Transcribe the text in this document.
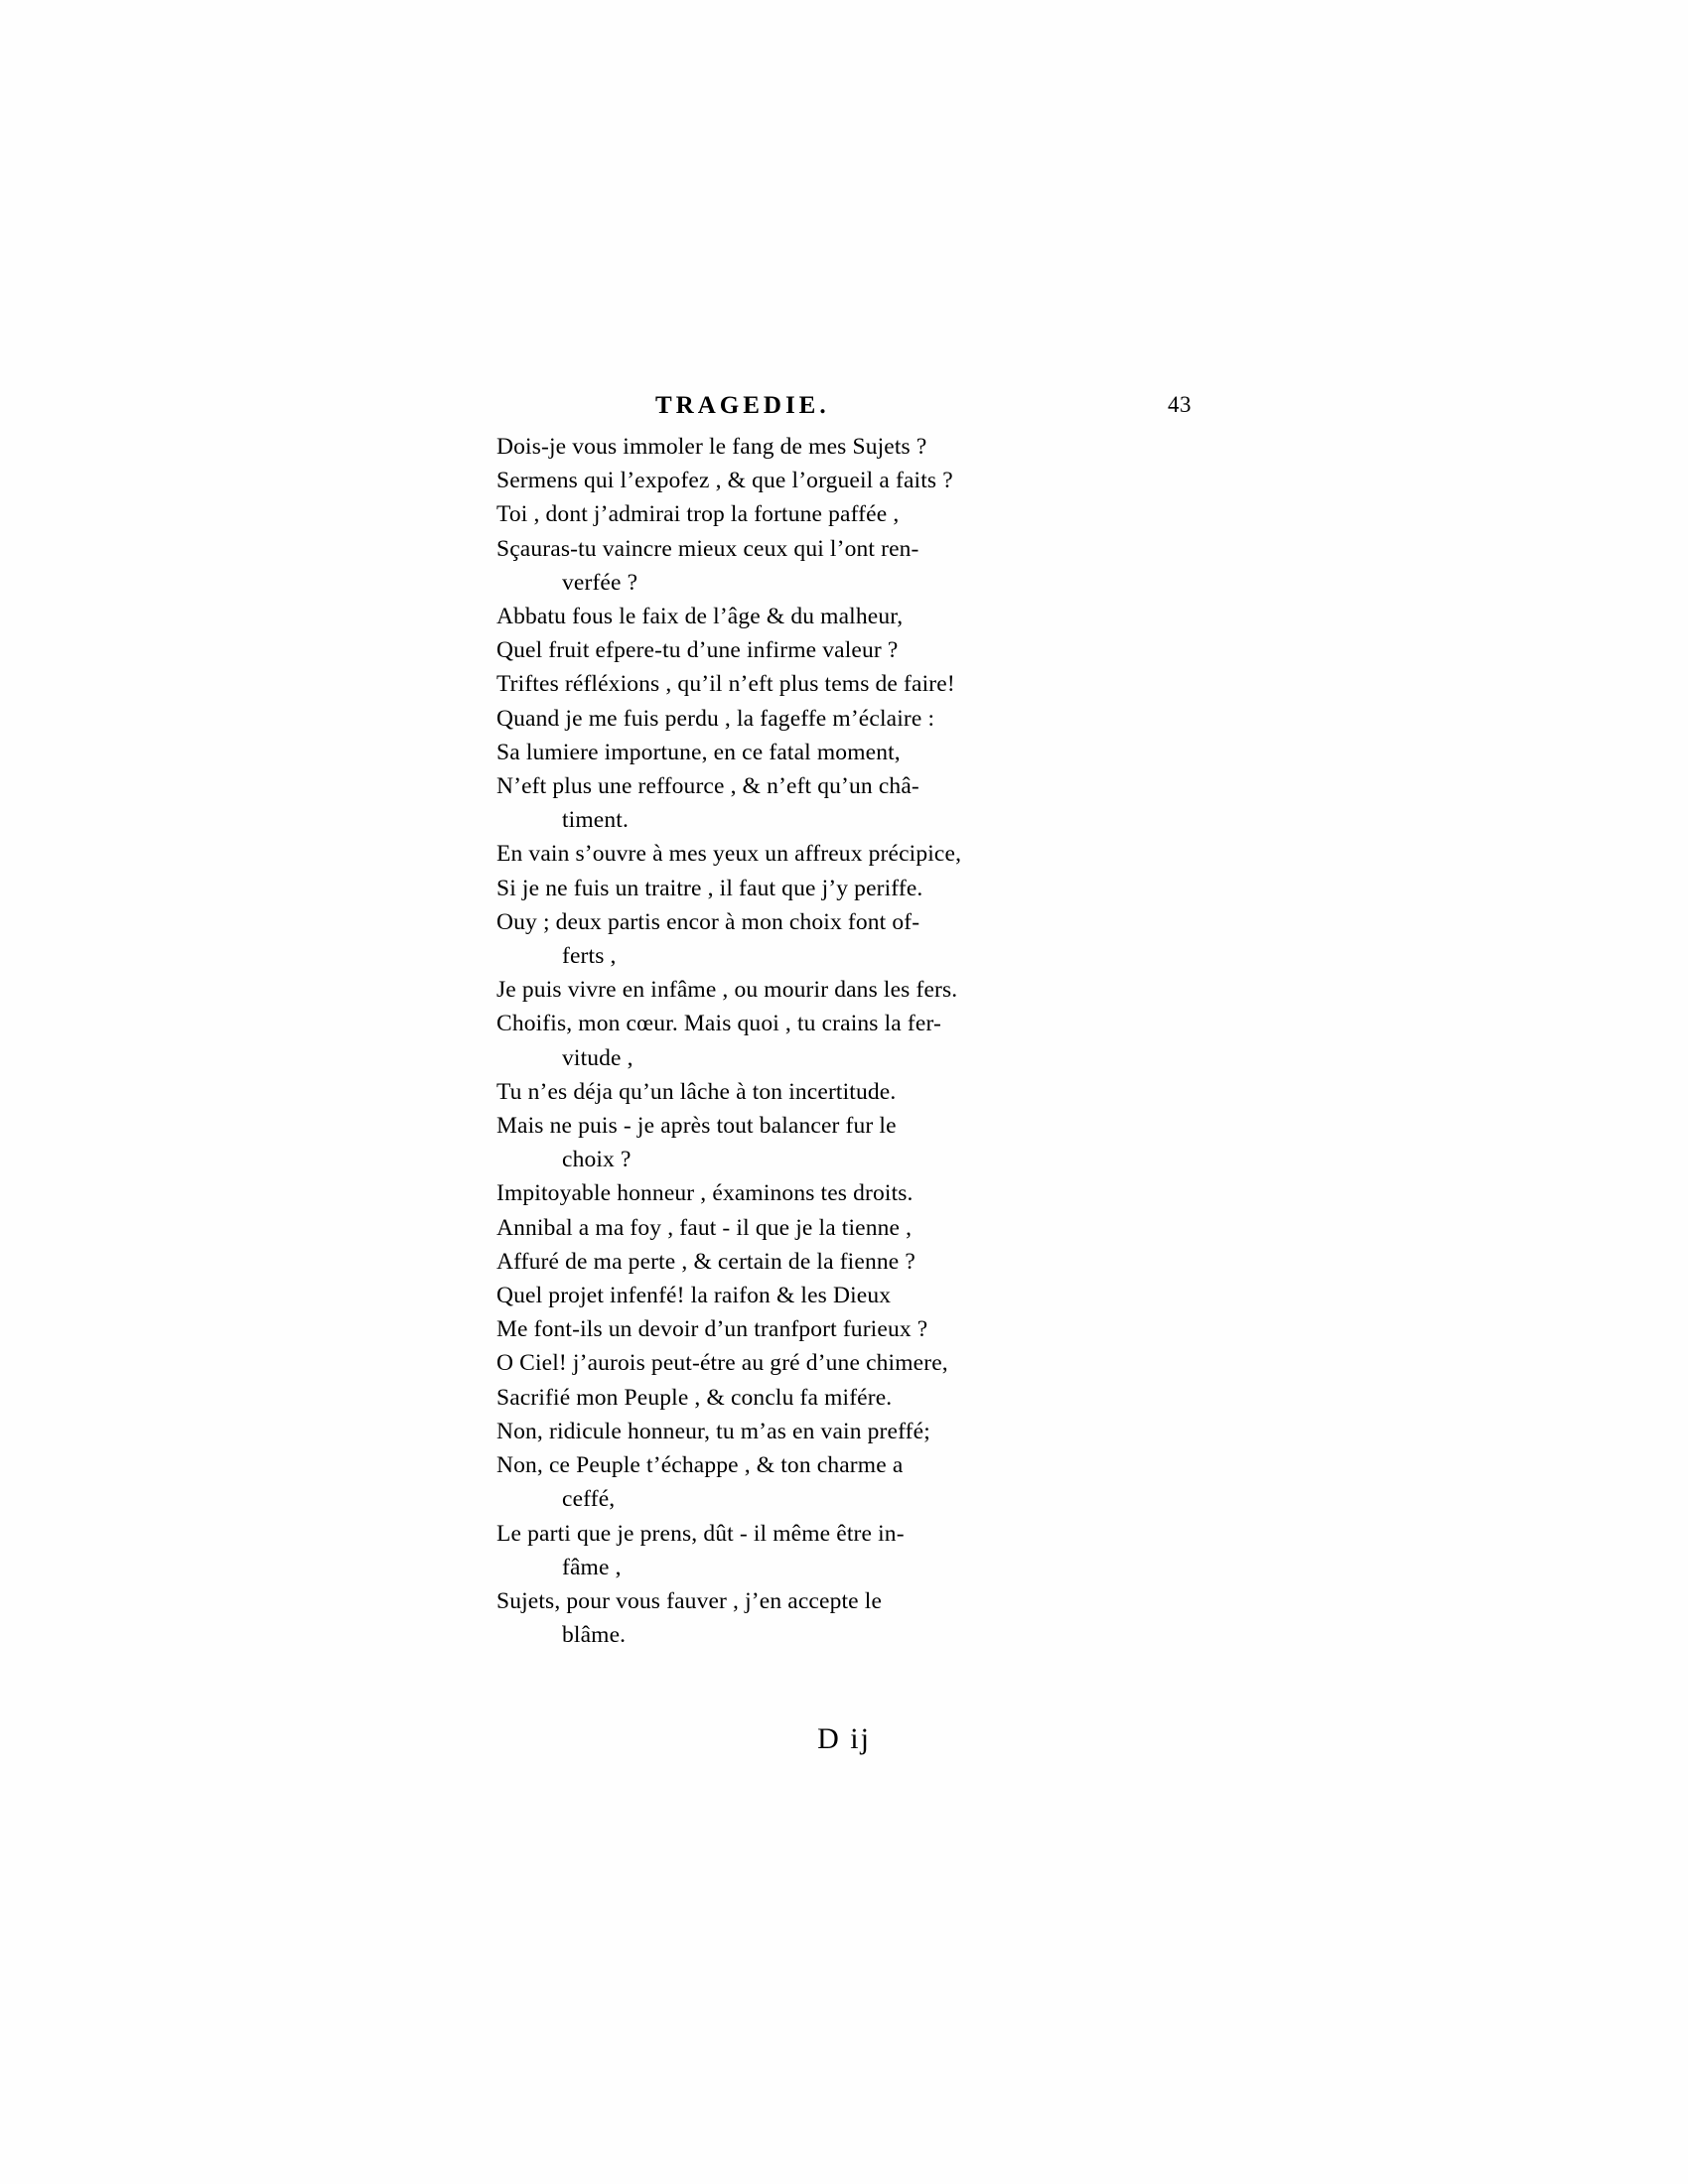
TRAGEDIE.	43
Dois-je vous immoler le fang de mes Sujets ?
Sermens qui l’expofez , & que l’orgueil a faits ?
Toi , dont j’admirai trop la fortune paffée ,
Sçauras-tu vaincre mieux ceux qui l’ont ren-
verfée ?
Abbatu fous le faix de l’âge & du malheur,
Quel fruit efpere-tu d’une infirme valeur ?
Triftes réfléxions , qu’il n’eft plus tems de faire!
Quand je me fuis perdu , la fageffe m’éclaire :
Sa lumiere importune, en ce fatal moment,
N’eft plus une reffource , & n’eft qu’un châ-
timent.
En vain s’ouvre à mes yeux un affreux précipice,
Si je ne fuis un traitre , il faut que j’y periffe.
Ouy ; deux partis encor à mon choix font of-
ferts ,
Je puis vivre en infâme , ou mourir dans les fers.
Choifis, mon cœur. Mais quoi , tu crains la fer-
vitude ,
Tu n’es déja qu’un lâche à ton incertitude.
Mais ne puis - je après tout balancer fur le
choix ?
Impitoyable honneur , éxaminons tes droits.
Annibal a ma foy , faut - il que je la tienne ,
Affuré de ma perte , & certain de la fienne ?
Quel projet infenfé! la raifon & les Dieux
Me font-ils un devoir d’un tranfport furieux ?
O Ciel! j’aurois peut-étre au gré d’une chimere,
Sacrifié mon Peuple , & conclu fa mifére.
Non, ridicule honneur, tu m’as en vain preffé;
Non, ce Peuple t’échappe , & ton charme a
ceffé,
Le parti que je prens, dût - il même être in-
fâme ,
Sujets, pour vous fauver , j’en accepte le
blâme.
D ij
